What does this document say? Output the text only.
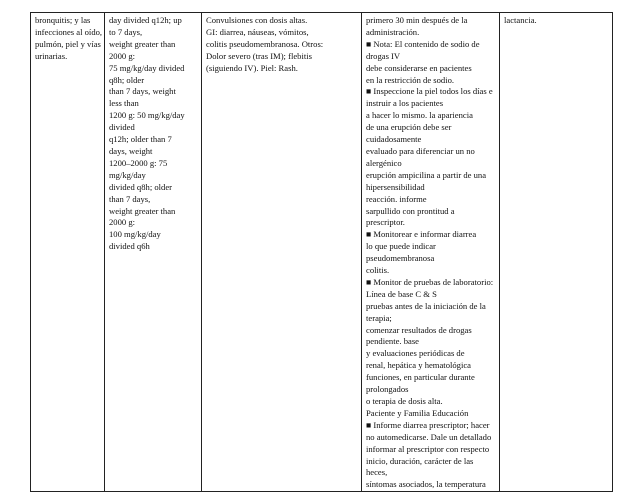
bronquitis; y las
infecciones al oído,
pulmón, piel y vías
urinarias.

day divided q12h; up
to 7 days,
weight greater than
2000 g:
75 mg/kg/day divided
q8h; older
than 7 days, weight
less than
1200 g: 50 mg/kg/day
divided
q12h; older than 7
days, weight
1200–2000 g: 75
mg/kg/day
divided q8h; older
than 7 days,
weight greater than
2000 g:
100 mg/kg/day
divided q6h

Convulsiones con dosis altas.
GI: diarrea, náuseas, vómitos,
colitis pseudomembranosa. Otros:
Dolor severo (tras IM); flebitis
(siguiendo IV). Piel: Rash.

primero 30 min después de la
administración.
■ Nota: El contenido de sodio de
drogas IV
debe considerarse en pacientes
en la restricción de sodio.
■ Inspeccione la piel todos los días e
instruir a los pacientes
a hacer lo mismo. la apariencia
de una erupción debe ser
cuidadosamente
evaluado para diferenciar un no
alergénico
erupción ampicilina a partir de una
hipersensibilidad
reacción. informe
sarpullido con prontitud a
prescriptor.
■ Monitorear e informar diarrea
lo que puede indicar
pseudomembranosa
colitis.
■ Monitor de pruebas de laboratorio:
Línea de base C & S
pruebas antes de la iniciación de la
terapia;
comenzar resultados de drogas
pendiente. base
y evaluaciones periódicas de
renal, hepática y hematológica
funciones, en particular durante
prolongados
o terapia de dosis alta.
Paciente y Familia Educación
■ Informe diarrea prescriptor; hacer
no automedicarse. Dale un detallado
informar al prescriptor con respecto
inicio, duración, carácter de las
heces,
síntomas asociados, la temperatura

lactancia.
